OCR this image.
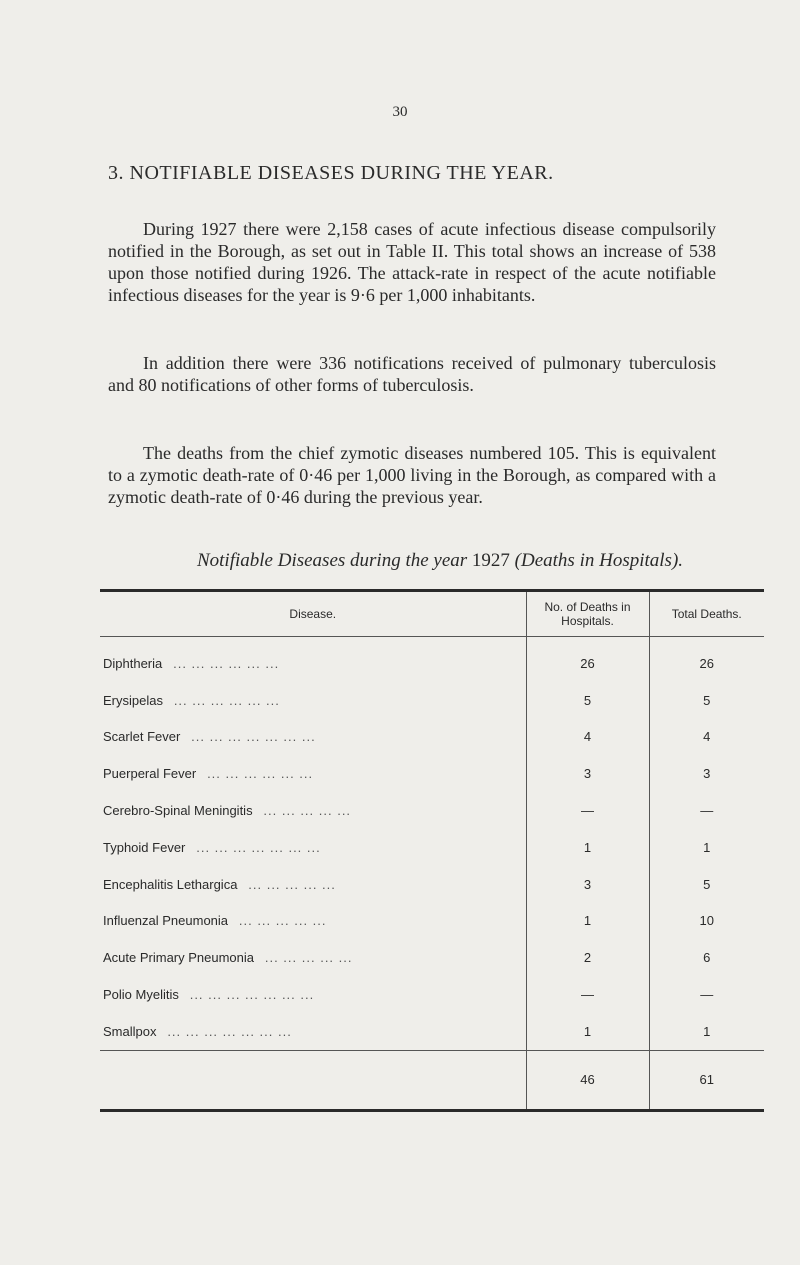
30
3. NOTIFIABLE DISEASES DURING THE YEAR.

During 1927 there were 2,158 cases of acute infectious disease compulsorily notified in the Borough, as set out in Table II. This total shows an increase of 538 upon those notified during 1926. The attack-rate in respect of the acute notifiable infectious diseases for the year is 9·6 per 1,000 inhabitants.

In addition there were 336 notifications received of pulmonary tuberculosis and 80 notifications of other forms of tuberculosis.

The deaths from the chief zymotic diseases numbered 105. This is equivalent to a zymotic death-rate of 0·46 per 1,000 living in the Borough, as compared with a zymotic death-rate of 0·46 during the previous year.

Notifiable Diseases during the year 1927 (Deaths in Hospitals).
Disease.	No. of Deaths in Hospitals.	Total Deaths.
Diphtheria ... ... ... ... ... ...	26	26
Erysipelas ... ... ... ... ... ...	5	5
Scarlet Fever ... ... ... ... ... ... ...	4	4
Puerperal Fever ... ... ... ... ... ...	3	3
Cerebro-Spinal Meningitis ... ... ... ... ...	—	—
Typhoid Fever ... ... ... ... ... ... ...	1	1
Encephalitis Lethargica ... ... ... ... ...	3	5
Influenzal Pneumonia ... ... ... ... ...	1	10
Acute Primary Pneumonia ... ... ... ... ...	2	6
Polio Myelitis ... ... ... ... ... ... ...	—	—
Smallpox ... ... ... ... ... ... ...	1	1
	46	61
